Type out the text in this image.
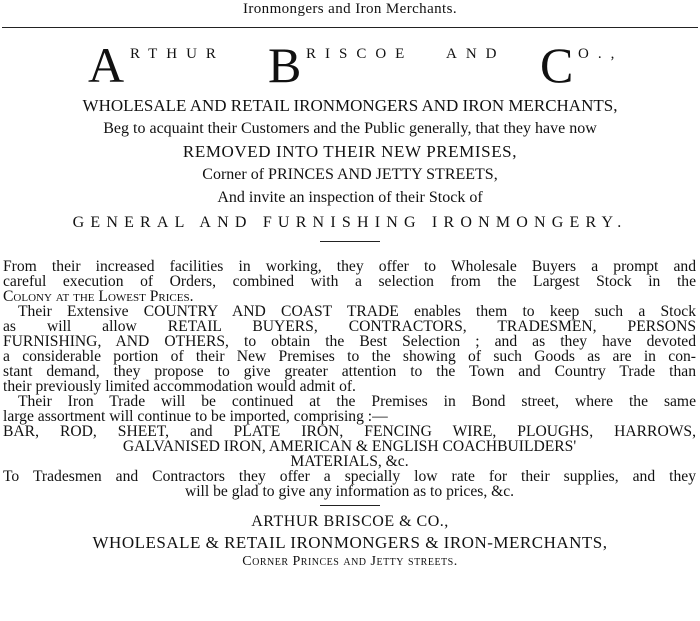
Ironmongers and Iron Merchants.
A RTHUR B RISCOE AND C O.,
WHOLESALE AND RETAIL IRONMONGERS AND IRON MERCHANTS,
Beg to acquaint their Customers and the Public generally, that they have now
REMOVED INTO THEIR NEW PREMISES,
Corner of PRINCES AND JETTY STREETS,
And invite an inspection of their Stock of
GENERAL AND FURNISHING IRONMONGERY.
From their increased facilities in working, they offer to Wholesale Buyers a prompt and
careful execution of Orders, combined with a selection from the Largest Stock in the
Colony at the Lowest Prices.
Their Extensive COUNTRY AND COAST TRADE enables them to keep such a Stock
as will allow RETAIL BUYERS, CONTRACTORS, TRADESMEN, PERSONS
FURNISHING, AND OTHERS, to obtain the Best Selection ; and as they have devoted
a considerable portion of their New Premises to the showing of such Goods as are in con-
stant demand, they propose to give greater attention to the Town and Country Trade than
their previously limited accommodation would admit of.
Their Iron Trade will be continued at the Premises in Bond street, where the same
large assortment will continue to be imported, comprising :—
BAR, ROD, SHEET, and PLATE IRON, FENCING WIRE, PLOUGHS, HARROWS,
GALVANISED IRON, AMERICAN & ENGLISH COACHBUILDERS'
MATERIALS, &c.
To Tradesmen and Contractors they offer a specially low rate for their supplies, and they
will be glad to give any information as to prices, &c.
ARTHUR BRISCOE & CO.,
WHOLESALE & RETAIL IRONMONGERS & IRON-MERCHANTS,
Corner Princes and Jetty streets.
